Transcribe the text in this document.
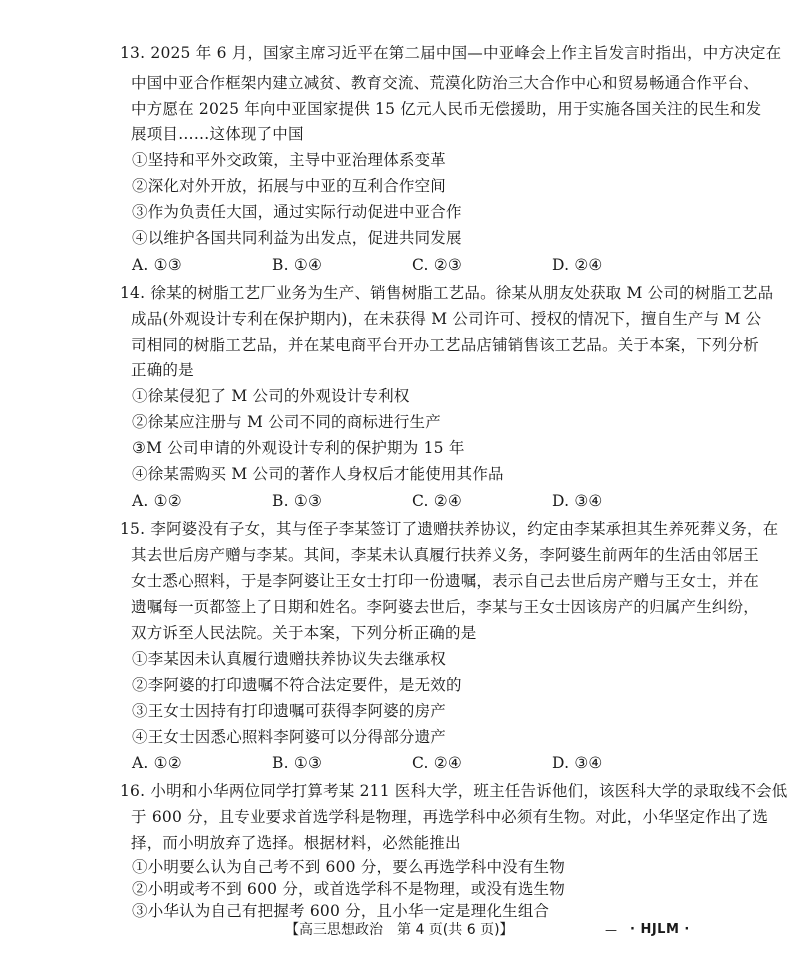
13. 2025 年 6 月，国家主席习近平在第二届中国—中亚峰会上作主旨发言时指出，中方决定在
中国中亚合作框架内建立减贫、教育交流、荒漠化防治三大合作中心和贸易畅通合作平台、
中方愿在 2025 年向中亚国家提供 15 亿元人民币无偿援助，用于实施各国关注的民生和发
展项目……这体现了中国
①坚持和平外交政策，主导中亚治理体系变革
②深化对外开放，拓展与中亚的互利合作空间
③作为负责任大国，通过实际行动促进中亚合作
④以维护各国共同利益为出发点，促进共同发展
A. ①③	B. ①④	C. ②③	D. ②④
14. 徐某的树脂工艺厂业务为生产、销售树脂工艺品。徐某从朋友处获取 M 公司的树脂工艺品
成品(外观设计专利在保护期内)，在未获得 M 公司许可、授权的情况下，擅自生产与 M 公
司相同的树脂工艺品，并在某电商平台开办工艺品店铺销售该工艺品。关于本案，下列分析
正确的是
①徐某侵犯了 M 公司的外观设计专利权
②徐某应注册与 M 公司不同的商标进行生产
③M 公司申请的外观设计专利的保护期为 15 年
④徐某需购买 M 公司的著作人身权后才能使用其作品
A. ①②	B. ①③	C. ②④	D. ③④
15. 李阿婆没有子女，其与侄子李某签订了遗赠扶养协议，约定由李某承担其生养死葬义务，在
其去世后房产赠与李某。其间，李某未认真履行扶养义务，李阿婆生前两年的生活由邻居王
女士悉心照料，于是李阿婆让王女士打印一份遗嘱，表示自己去世后房产赠与王女士，并在
遗嘱每一页都签上了日期和姓名。李阿婆去世后，李某与王女士因该房产的归属产生纠纷，
双方诉至人民法院。关于本案，下列分析正确的是
①李某因未认真履行遗赠扶养协议失去继承权
②李阿婆的打印遗嘱不符合法定要件，是无效的
③王女士因持有打印遗嘱可获得李阿婆的房产
④王女士因悉心照料李阿婆可以分得部分遗产
A. ①②	B. ①③	C. ②④	D. ③④
16. 小明和小华两位同学打算考某 211 医科大学，班主任告诉他们，该医科大学的录取线不会低
于 600 分，且专业要求首选学科是物理，再选学科中必须有生物。对此，小华坚定作出了选
择，而小明放弃了选择。根据材料，必然能推出
①小明要么认为自己考不到 600 分，要么再选学科中没有生物
②小明或考不到 600 分，或首选学科不是物理，或没有选生物
【高三思想政治　第 4 页(共 6 页)】	— · HJLM ·
③小华认为自己有把握考 600 分，且小华一定是理化生组合
